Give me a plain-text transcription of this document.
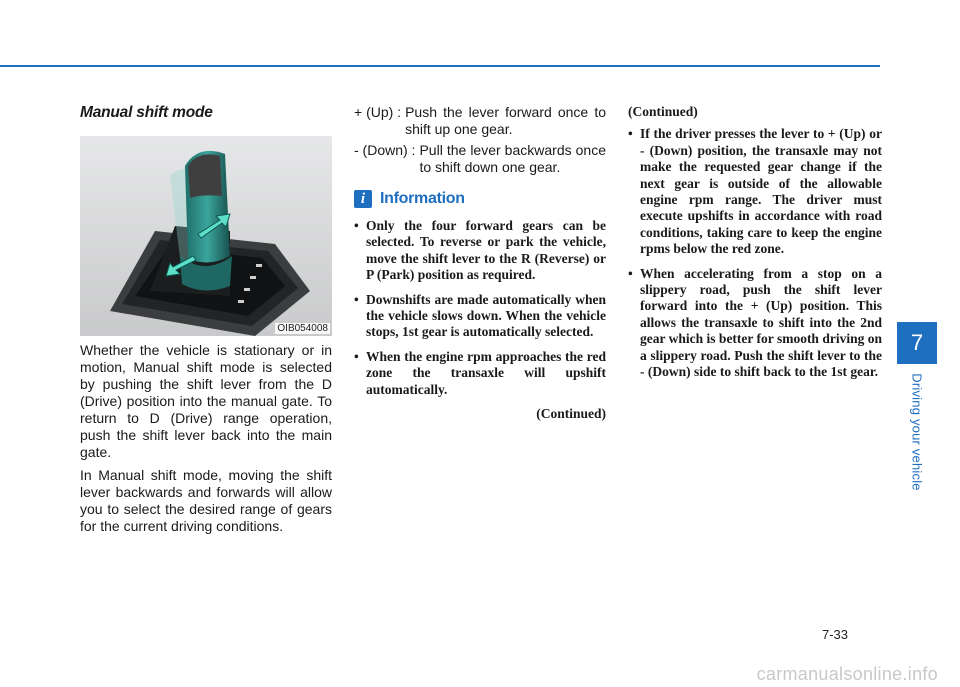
Manual shift mode
OIB054008

Whether the vehicle is stationary or in motion, Manual shift mode is selected by pushing the shift lever from the D (Drive) position into the manual gate. To return to D (Drive) range operation, push the shift lever back into the main gate.

In Manual shift mode, moving the shift lever backwards and forwards will allow you to select the desired range of gears for the current driving conditions.

+ (Up) : Push the lever forward once to shift up one gear.
- (Down) : Pull the lever backwards once to shift down one gear.
i Information
• Only the four forward gears can be selected. To reverse or park the vehicle, move the shift lever to the R (Reverse) or P (Park) position as required.
• Downshifts are made automatically when the vehicle slows down. When the vehicle stops, 1st gear is automatically selected.
• When the engine rpm approaches the red zone the transaxle will upshift automatically.
(Continued)
(Continued)
• If the driver presses the lever to + (Up) or - (Down) position, the transaxle may not make the requested gear change if the next gear is outside of the allowable engine rpm range. The driver must execute upshifts in accordance with road conditions, taking care to keep the engine rpms below the red zone.
• When accelerating from a stop on a slippery road, push the shift lever forward into the + (Up) position. This allows the transaxle to shift into the 2nd gear which is better for smooth driving on a slippery road. Push the shift lever to the - (Down) side to shift back to the 1st gear.
7
Driving your vehicle
7-33
carmanualsonline.info
